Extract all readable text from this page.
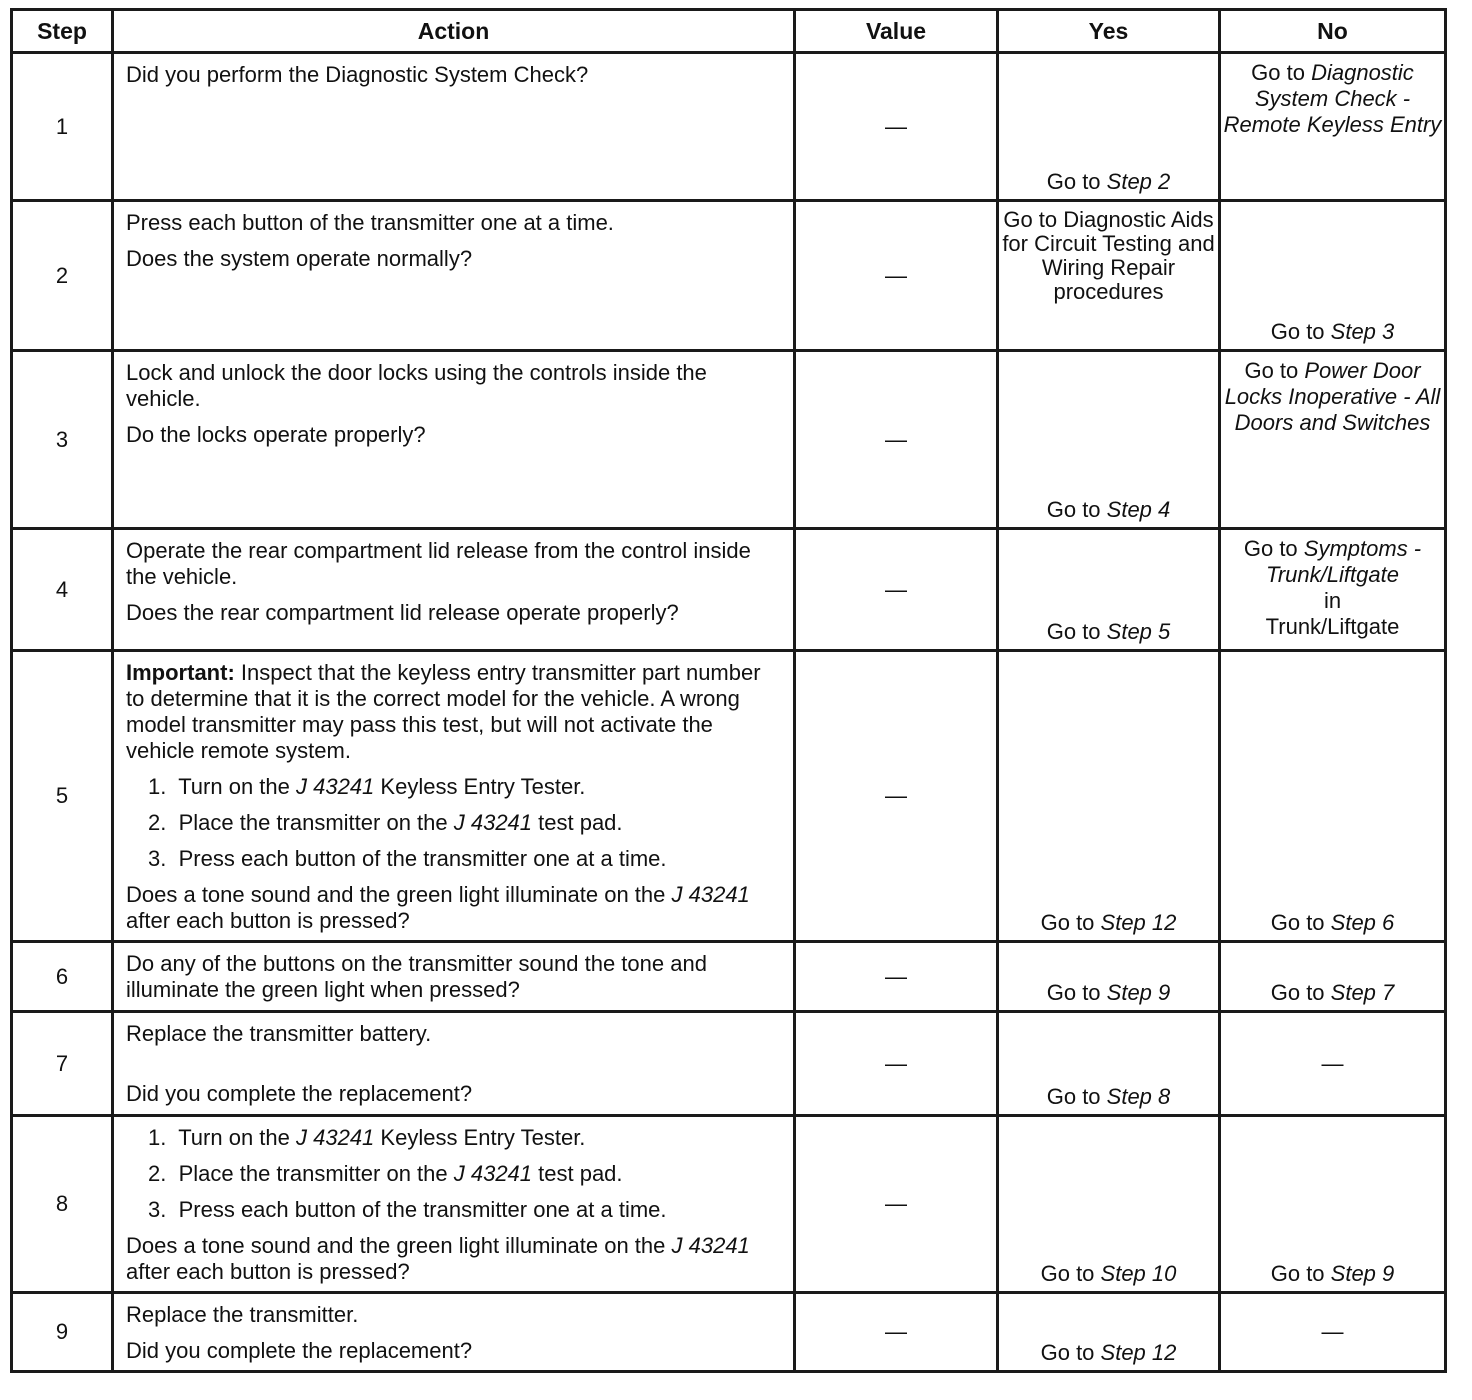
Step	Action	Value	Yes	No
1	Did you perform the Diagnostic System Check?	—	Go to Step 2	Go to Diagnostic System Check - Remote Keyless Entry

2	Press each button of the transmitter one at a time.
Does the system operate normally?	—	Go to Diagnostic Aids for Circuit Testing and Wiring Repair procedures	Go to Step 3

3	Lock and unlock the door locks using the controls inside the vehicle.
Do the locks operate properly?	—	Go to Step 4	Go to Power Door Locks Inoperative - All Doors and Switches

4	Operate the rear compartment lid release from the control inside the vehicle.
Does the rear compartment lid release operate properly?	—	Go to Step 5	Go to Symptoms - Trunk/Liftgate
in
Trunk/Liftgate

5	Important: Inspect that the keyless entry transmitter part number to determine that it is the correct model for the vehicle. A wrong model transmitter may pass this test, but will not activate the vehicle remote system.
1. Turn on the J 43241 Keyless Entry Tester.
2. Place the transmitter on the J 43241 test pad.
3. Press each button of the transmitter one at a time.
Does a tone sound and the green light illuminate on the J 43241 after each button is pressed?	—	Go to Step 12	Go to Step 6

6	Do any of the buttons on the transmitter sound the tone and illuminate the green light when pressed?	—	Go to Step 9	Go to Step 7

7	Replace the transmitter battery.
Did you complete the replacement?	—	Go to Step 8	—

8	1. Turn on the J 43241 Keyless Entry Tester.
2. Place the transmitter on the J 43241 test pad.
3. Press each button of the transmitter one at a time.
Does a tone sound and the green light illuminate on the J 43241 after each button is pressed?	—	Go to Step 10	Go to Step 9

9	Replace the transmitter.
Did you complete the replacement?	—	Go to Step 12	—
